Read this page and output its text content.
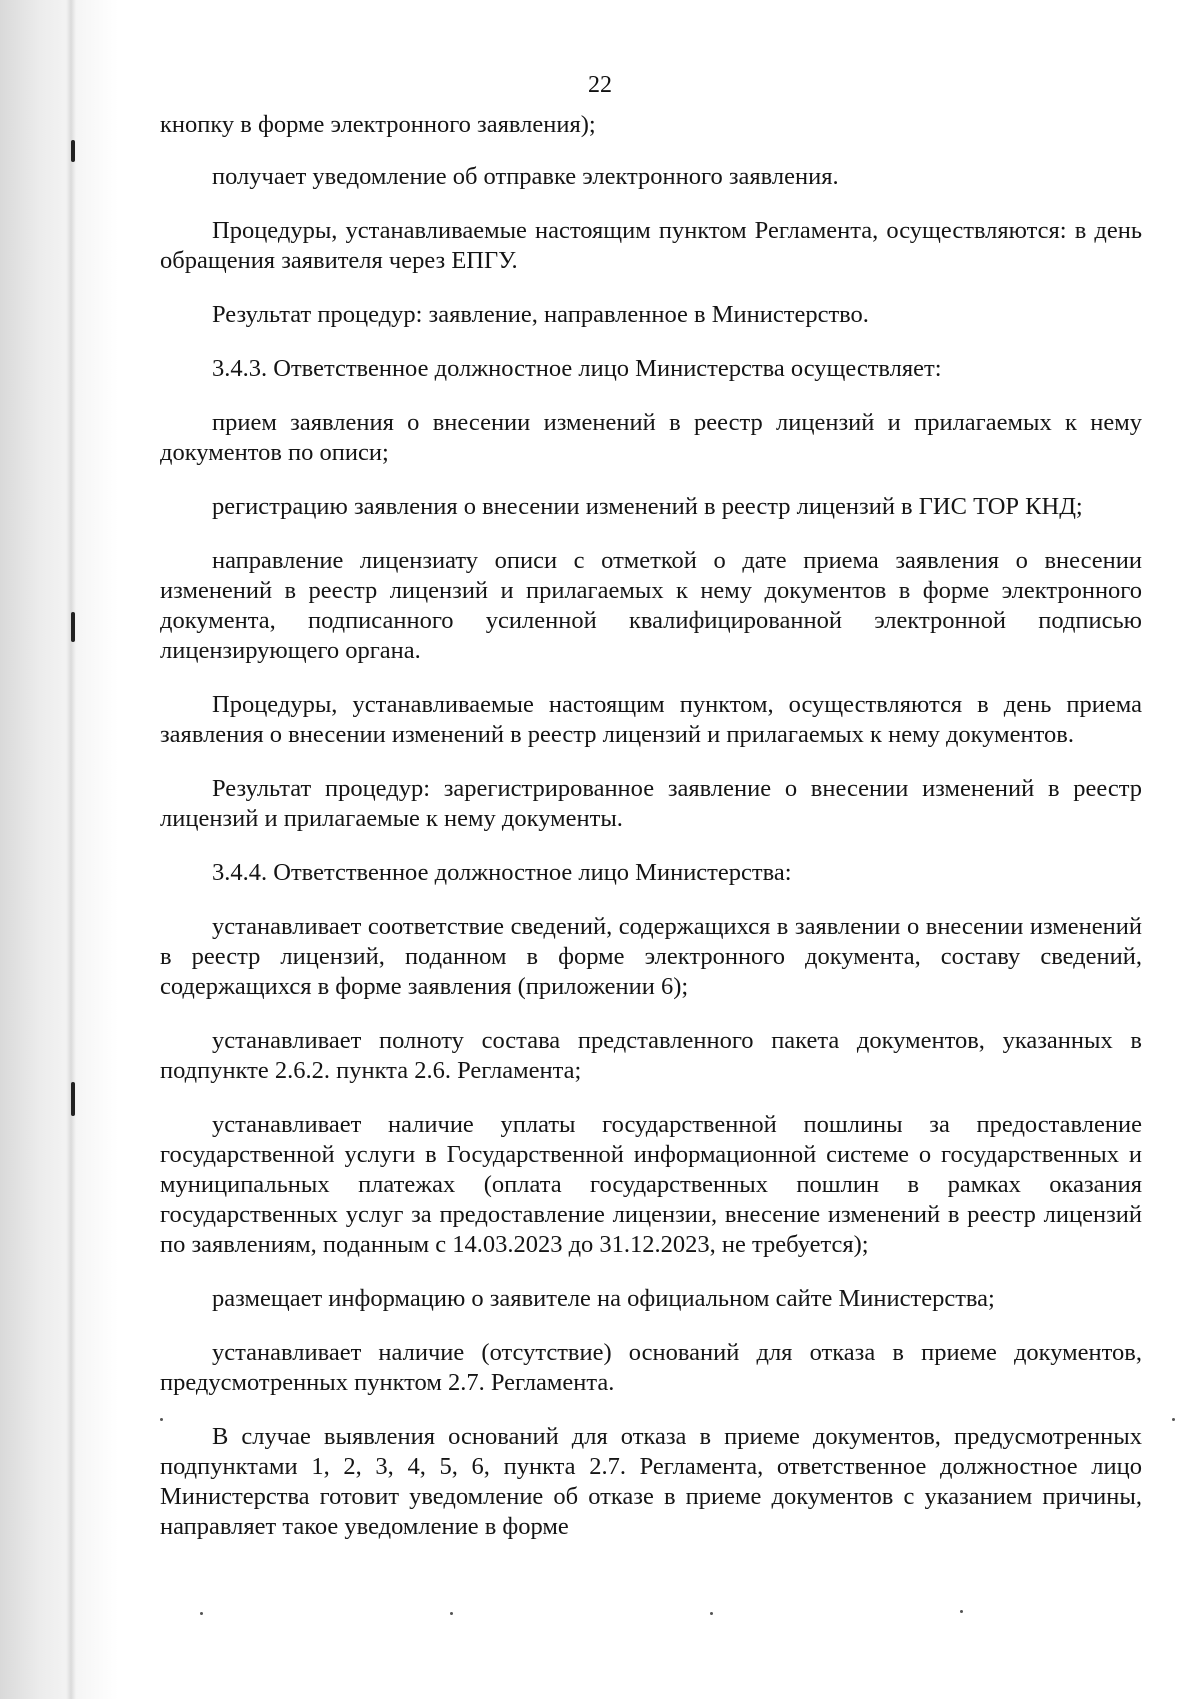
22

кнопку в форме электронного заявления);

получает уведомление об отправке электронного заявления.

Процедуры, устанавливаемые настоящим пунктом Регламента, осуществляются: в день обращения заявителя через ЕПГУ.

Результат процедур: заявление, направленное в Министерство.

3.4.3. Ответственное должностное лицо Министерства осуществляет:

прием заявления о внесении изменений в реестр лицензий и прилагаемых к нему документов по описи;

регистрацию заявления о внесении изменений в реестр лицензий в ГИС ТОР КНД;

направление лицензиату описи с отметкой о дате приема заявления о внесении изменений в реестр лицензий и прилагаемых к нему документов в форме электронного документа, подписанного усиленной квалифицированной электронной подписью лицензирующего органа.

Процедуры, устанавливаемые настоящим пунктом, осуществляются в день приема заявления о внесении изменений в реестр лицензий и прилагаемых к нему документов.

Результат процедур: зарегистрированное заявление о внесении изменений в реестр лицензий и прилагаемые к нему документы.

3.4.4. Ответственное должностное лицо Министерства:

устанавливает соответствие сведений, содержащихся в заявлении о внесении изменений в реестр лицензий, поданном в форме электронного документа, составу сведений, содержащихся в форме заявления (приложении 6);

устанавливает полноту состава представленного пакета документов, указанных в подпункте 2.6.2. пункта 2.6. Регламента;

устанавливает наличие уплаты государственной пошлины за предоставление государственной услуги в Государственной информационной системе о государственных и муниципальных платежах (оплата государственных пошлин в рамках оказания государственных услуг за предоставление лицензии, внесение изменений в реестр лицензий по заявлениям, поданным с 14.03.2023 до 31.12.2023, не требуется);

размещает информацию о заявителе на официальном сайте Министерства;

устанавливает наличие (отсутствие) оснований для отказа в приеме документов, предусмотренных пунктом 2.7. Регламента.

В случае выявления оснований для отказа в приеме документов, предусмотренных подпунктами 1, 2, 3, 4, 5, 6, пункта 2.7. Регламента, ответственное должностное лицо Министерства готовит уведомление об отказе в приеме документов с указанием причины, направляет такое уведомление в форме
